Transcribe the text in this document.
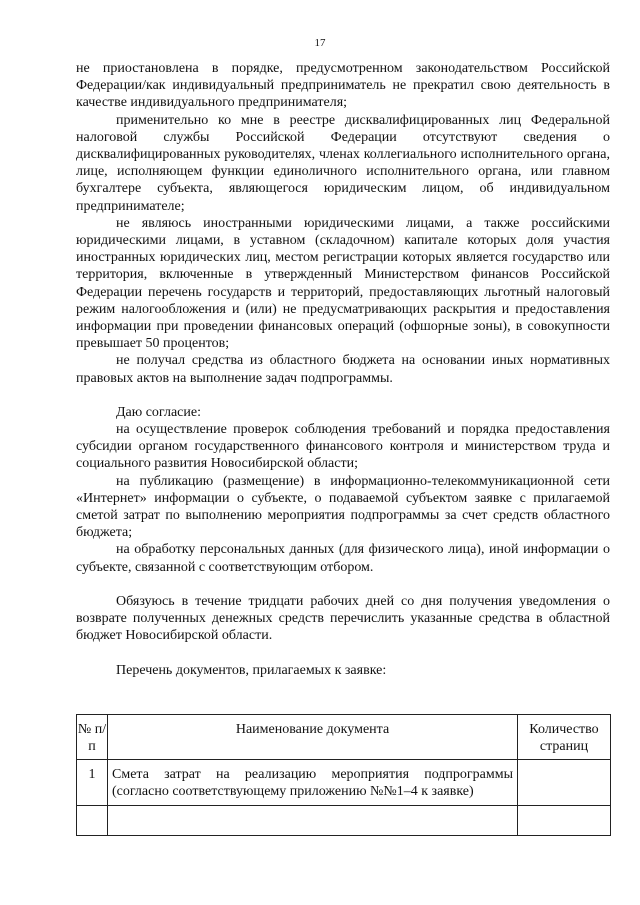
17

не приостановлена в порядке, предусмотренном законодательством Российской Федерации/как индивидуальный предприниматель не прекратил свою деятельность в качестве индивидуального предпринимателя;

применительно ко мне в реестре дисквалифицированных лиц Федеральной налоговой службы Российской Федерации отсутствуют сведения о дисквалифицированных руководителях, членах коллегиального исполнительного органа, лице, исполняющем функции единоличного исполнительного органа, или главном бухгалтере субъекта, являющегося юридическим лицом, об индивидуальном предпринимателе;

не являюсь иностранными юридическими лицами, а также российскими юридическими лицами, в уставном (складочном) капитале которых доля участия иностранных юридических лиц, местом регистрации которых является государство или территория, включенные в утвержденный Министерством финансов Российской Федерации перечень государств и территорий, предоставляющих льготный налоговый режим налогообложения и (или) не предусматривающих раскрытия и предоставления информации при проведении финансовых операций (офшорные зоны), в совокупности превышает 50 процентов;

не получал средства из областного бюджета на основании иных нормативных правовых актов на выполнение задач подпрограммы.

Даю согласие:

на осуществление проверок соблюдения требований и порядка предоставления субсидии органом государственного финансового контроля и министерством труда и социального развития Новосибирской области;

на публикацию (размещение) в информационно-телекоммуникационной сети «Интернет» информации о субъекте, о подаваемой субъектом заявке с прилагаемой сметой затрат по выполнению мероприятия подпрограммы за счет средств областного бюджета;

на обработку персональных данных (для физического лица), иной информации о субъекте, связанной с соответствующим отбором.

Обязуюсь в течение тридцати рабочих дней со дня получения уведомления о возврате полученных денежных средств перечислить указанные средства в областной бюджет Новосибирской области.

Перечень документов, прилагаемых к заявке:

№ п/п	Наименование документа	Количество страниц
1	Смета затрат на реализацию мероприятия подпрограммы (согласно соответствующему приложению №№1–4 к заявке)	
